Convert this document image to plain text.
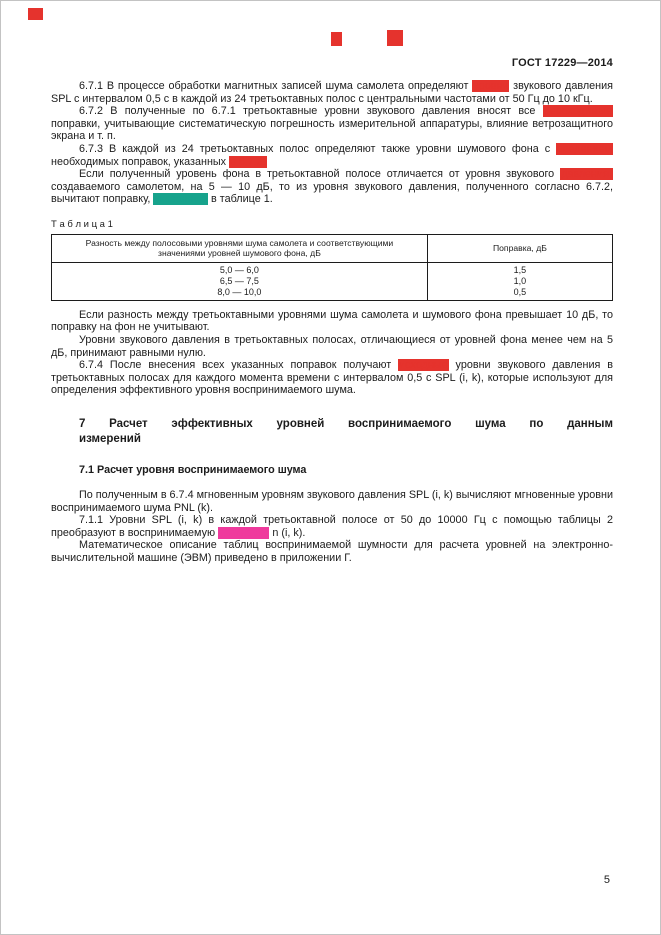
ГОСТ 17229—2014

6.7.1 В процессе обработки магнитных записей шума самолета определяют уровни звукового давления SPL с интервалом 0,5 с в каждой из 24 третьоктавных полос с центральными частотами от 50 Гц до 10 кГц.

6.7.2 В полученные по 6.7.1 третьоктавные уровни звукового давления вносят все необходимые поправки, учитывающие систематическую погрешность измерительной аппаратуры, влияние ветрозащитного экрана и т. п.

6.7.3 В каждой из 24 третьоктавных полос определяют также уровни шумового фона с введением необходимых поправок, указанных в 6.7.2.

Если полученный уровень фона в третьоктавной полосе отличается от уровня звукового давления, создаваемого самолетом, на 5 — 10 дБ, то из уровня звукового давления, полученного согласно 6.7.2, вычитают поправку, указанную в таблице 1.

Т а б л и ц а 1
Разность между полосовыми уровнями шума самолета и соответствующими значениями уровней шумового фона, дБ	Поправка, дБ
5,0 — 6,0	1,5
6,5 — 7,5	1,0
8,0 — 10,0	0,5

Если разность между третьоктавными уровнями шума самолета и шумового фона превышает 10 дБ, то поправку на фон не учитывают.

Уровни звукового давления в третьоктавных полосах, отличающиеся от уровней фона менее чем на 5 дБ, принимают равными нулю.

6.7.4 После внесения всех указанных поправок получают исходные уровни звукового давления в третьоктавных полосах для каждого момента времени с интервалом 0,5 с SPL (i, k), которые используют для определения эффективного уровня воспринимаемого шума.

7 Расчет эффективных уровней воспринимаемого шума по данным
измерений
7.1 Расчет уровня воспринимаемого шума

По полученным в 6.7.4 мгновенным уровням звукового давления SPL (i, k) вычисляют мгновенные уровни воспринимаемого шума PNL (k).

7.1.1 Уровни SPL (i, k) в каждой третьоктавной полосе от 50 до 10000 Гц с помощью таблицы 2 преобразуют в воспринимаемую шумность n (i, k).

Математическое описание таблиц воспринимаемой шумности для расчета уровней на электронно-вычислительной машине (ЭВМ) приведено в приложении Г.

5
